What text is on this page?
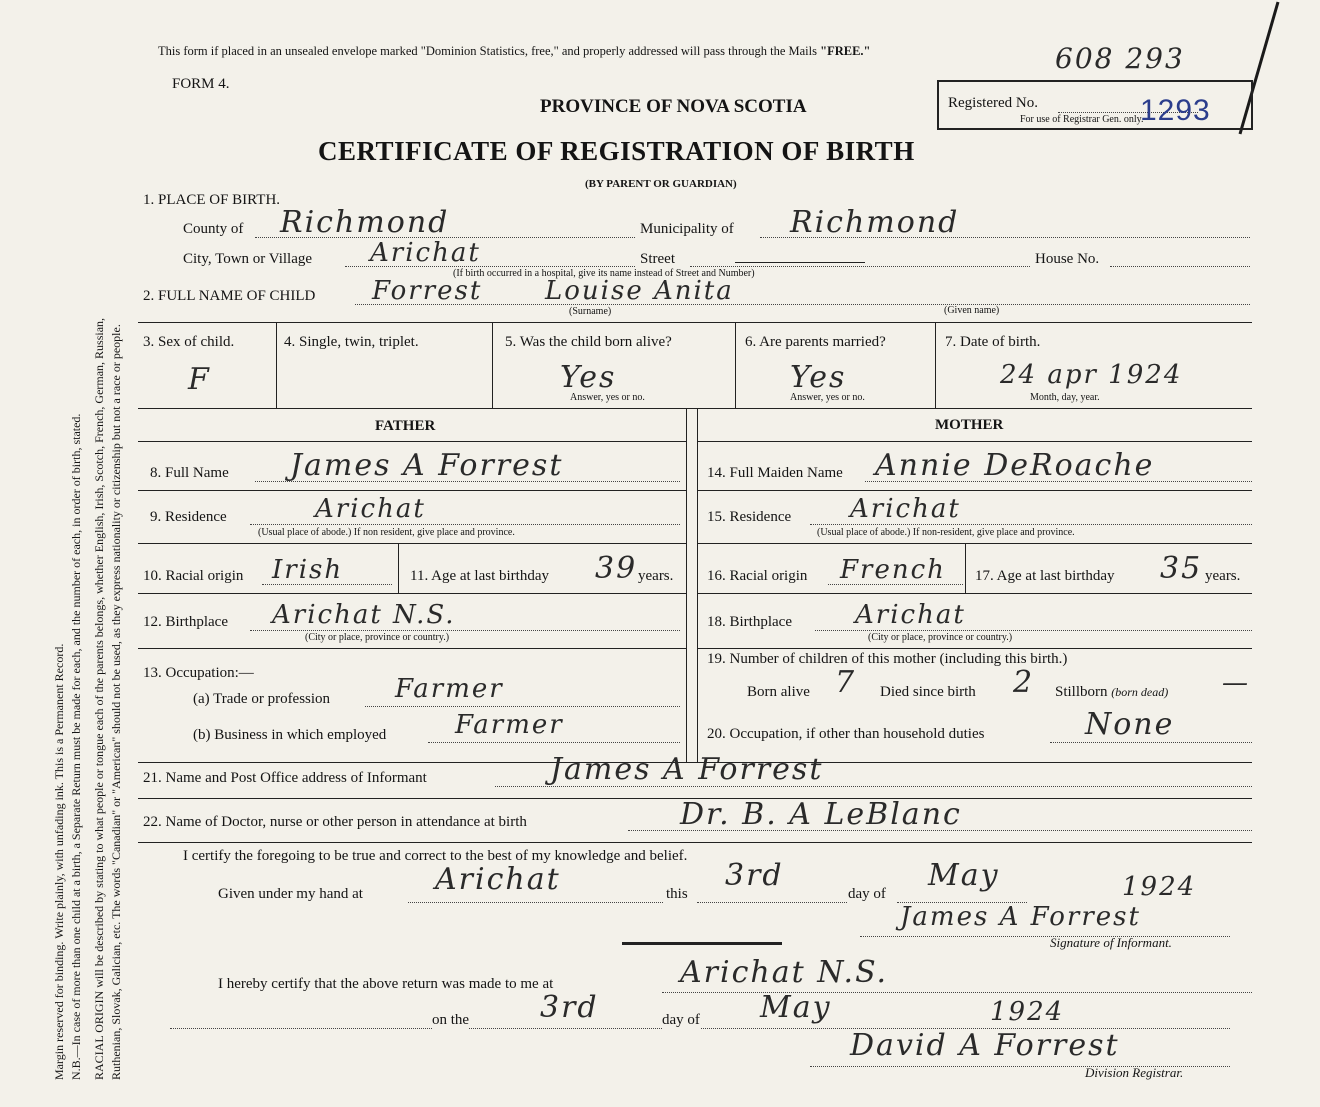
Margin reserved for binding. Write plainly, with unfading ink. This is a Permanent Record. N.B.—In case of more than one child at a birth, a Separate Return must be made for each, and the number of each, in order of birth, stated. RACIAL ORIGIN will be described by stating to what people or tongue each of the parents belongs, whether English, Irish, Scotch, French, German, Russian, Ruthenian, Slovak, Galician, etc. The words "Canadian" or "American" should not be used, as they express nationality or citizenship but not a race or people.
This form if placed in an unsealed envelope marked "Dominion Statistics, free," and properly addressed will pass through the Mails "FREE."	608 293
FORM 4.
PROVINCE OF NOVA SCOTIA	Registered No.	1293
For use of Registrar Gen. only.
CERTIFICATE OF REGISTRATION OF BIRTH
(BY PARENT OR GUARDIAN)
1. PLACE OF BIRTH.
County of Richmond	Municipality of Richmond
City, Town or Village Arichat	Street
(If birth occurred in a hospital, give its name instead of Street and Number)
House No.
2. FULL NAME OF CHILD Forrest Louise Anita
(Surname)	(Given name)
3. Sex of child.
F
4. Single, twin, triplet.	5. Was the child born alive?
Yes
Answer, yes or no.
6. Are parents married?
Yes
Answer, yes or no.
7. Date of birth.
24 apr 1924
Month, day, year.
FATHER	MOTHER
8. Full Name James A Forrest
9. Residence	Arichat
(Usual place of abode.) If non resident, give place and province.
10. Racial origin Irish	11. Age at last birthday 39 years.
12. Birthplace Arichat N.S.
(City or place, province or country.)
13. Occupation:—
(a) Trade or profession Farmer
(b) Business in which employed	Farmer
14. Full Maiden Name Annie DeRoache
15. Residence Arichat
(Usual place of abode.) If non-resident, give place and province.
16. Racial origin French 17. Age at last birthday 35 years.
18. Birthplace Arichat
(City or place, province or country.)
19. Number of children of this mother (including this birth.)
Born alive 7 Died since birth 2 Stillborn (born dead) —
20. Occupation, if other than household duties	None
21. Name and Post Office address of Informant	James A Forrest
22. Name of Doctor, nurse or other person in attendance at birth	Dr. B. A LeBlanc
I certify the foregoing to be true and correct to the best of my knowledge and belief.
Given under my hand at Arichat	this
3rd
day of
May	1924
James A Forrest
Signature of Informant.
I hereby certify that the above return was made to me at	Arichat N.S.
on the 3rd	day of May	1924
David A Forrest
Division Registrar.
